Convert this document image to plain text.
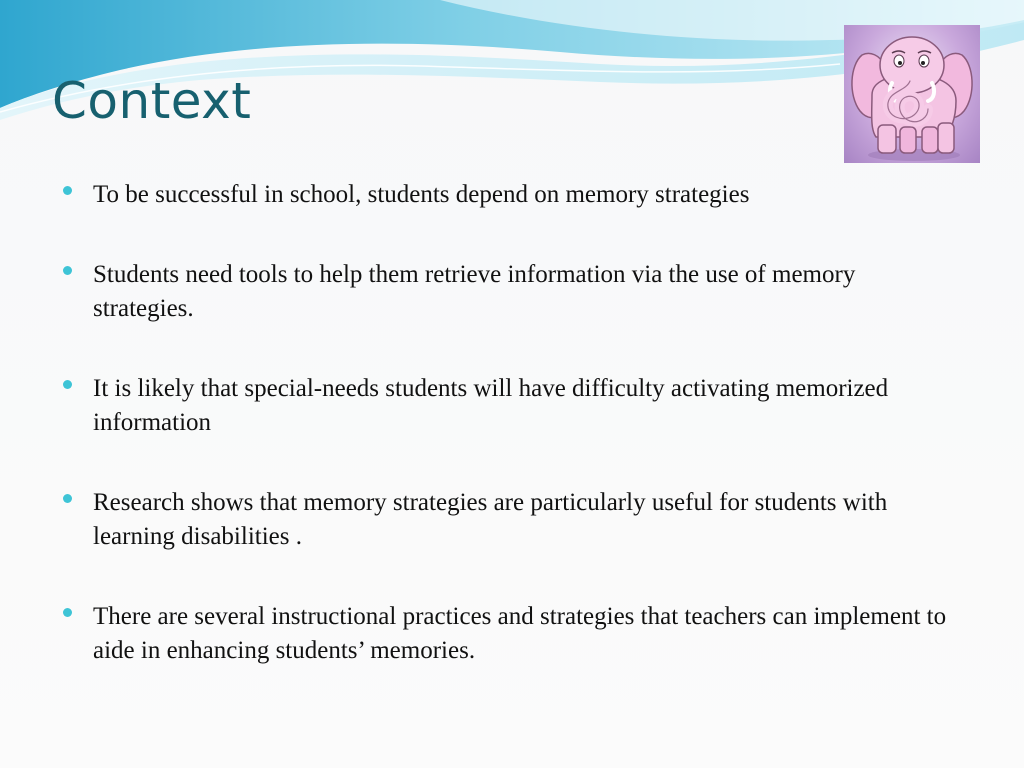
Context
To be successful in school, students depend on memory strategies
Students need tools to help them retrieve information via the use of memory strategies.
It is likely that special-needs students will have difficulty activating memorized information
Research shows that memory strategies are particularly useful for students with learning disabilities .
There are several instructional practices and strategies that teachers can implement to aide in enhancing students’ memories.
